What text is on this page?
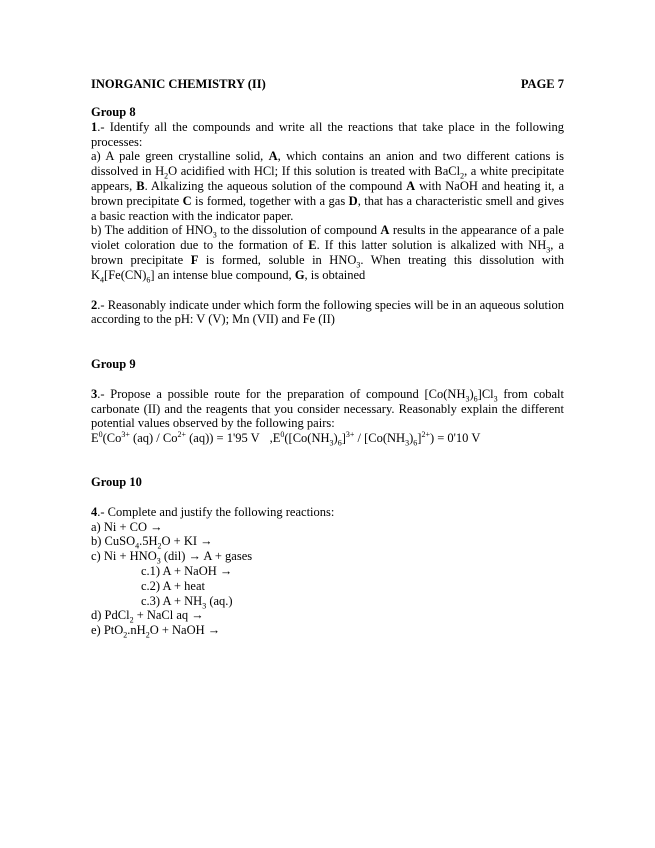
INORGANIC CHEMISTRY (II)	PAGE 7
Group 8
1.- Identify all the compounds and write all the reactions that take place in the following processes:
a) A pale green crystalline solid, A, which contains an anion and two different cations is dissolved in $H_2O$ acidified with HCl; If this solution is treated with BaCl$_2$, a white precipitate appears, B. Alkalizing the aqueous solution of the compound A with NaOH and heating it, a brown precipitate C is formed, together with a gas D, that has a characteristic smell and gives a basic reaction with the indicator paper.
b) The addition of $HNO_3$ to the dissolution of compound A results in the appearance of a pale violet coloration due to the formation of E. If this latter solution is alkalized with $NH_3$, a brown precipitate F is formed, soluble in $HNO_3$. When treating this dissolution with $K_4[Fe(CN)_6]$ an intense blue compound, G, is obtained
2.- Reasonably indicate under which form the following species will be in an aqueous solution according to the pH: V (V); Mn (VII) and Fe (II)
Group 9
3.- Propose a possible route for the preparation of compound $[Co(NH_3)_6]Cl_3$ from cobalt carbonate (II) and the reagents that you consider necessary. Reasonably explain the different potential values observed by the following pairs:
$E^0(Co^{3+}$ $(aq) / Co^{2+}$ (aq)) = 1'95 V $,E^0([Co(NH_3)_6]^{3+} / [Co(NH_3)_6]^{2+}) = 0'10$ V
Group 10
4.- Complete and justify the following reactions:
a) Ni + CO →
b) $CuSO_4.5H_2O$ + KI →
c) $Ni + HNO_3$ (dil) → A + gases
c.1) A + NaOH →
c.2) A + heat
c.3) $A + NH_3$ (aq.)
d) PdCl$_2$ + NaCl aq →
e) $PtO_2.nH_2O$ + NaOH →
